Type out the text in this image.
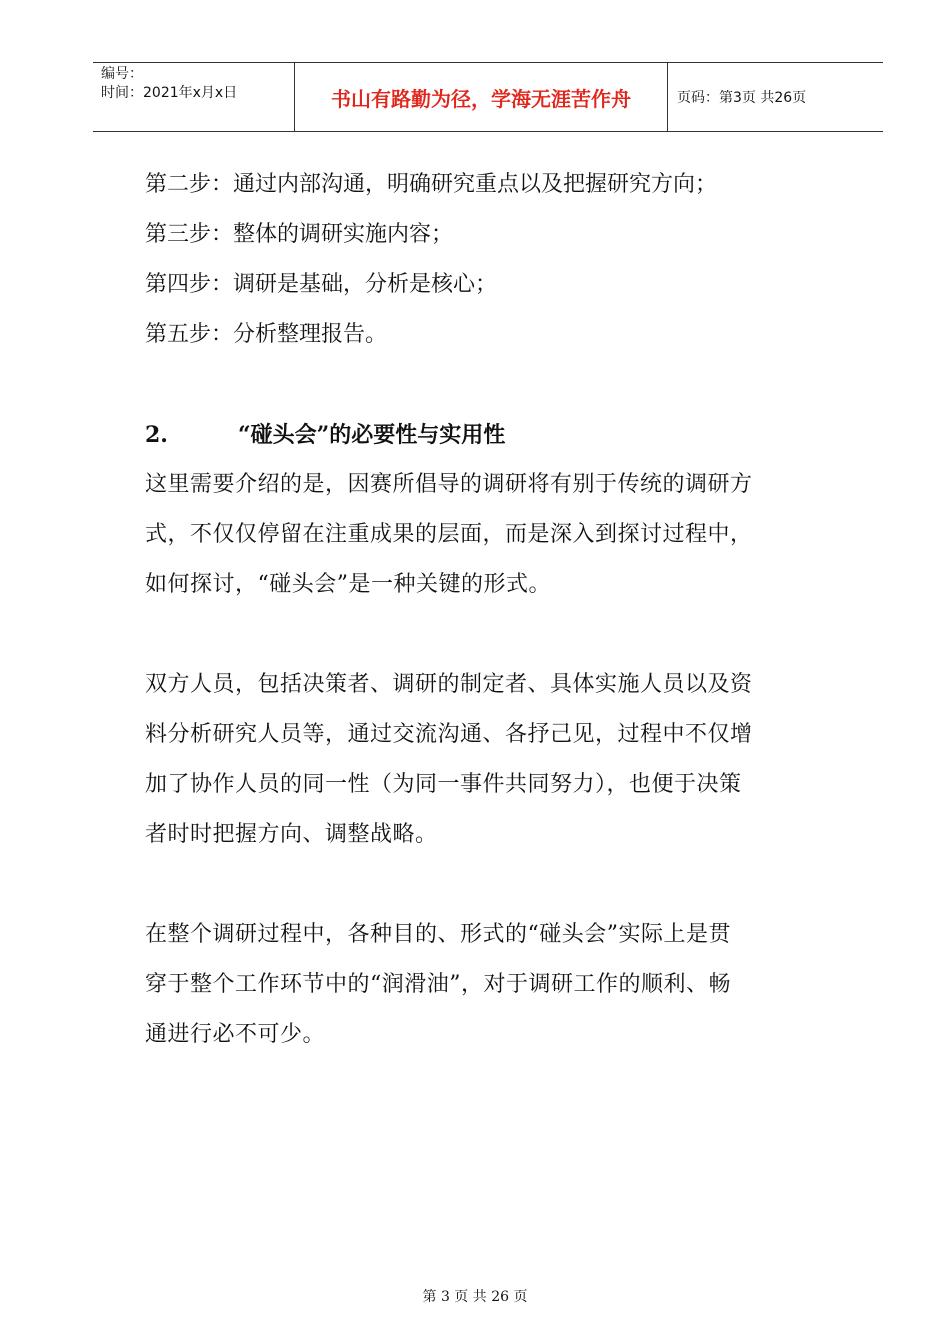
编号：
时间：2021年x月x日	书山有路勤为径，学海无涯苦作舟	页码：第3页 共26页
第二步：通过内部沟通，明确研究重点以及把握研究方向；
第三步：整体的调研实施内容；
第四步：调研是基础，分析是核心；
第五步：分析整理报告。
2.	“碰头会”的必要性与实用性
这里需要介绍的是，因赛所倡导的调研将有别于传统的调研方
式，不仅仅停留在注重成果的层面，而是深入到探讨过程中，
如何探讨，“碰头会”是一种关键的形式。
双方人员，包括决策者、调研的制定者、具体实施人员以及资
料分析研究人员等，通过交流沟通、各抒己见，过程中不仅增
加了协作人员的同一性（为同一事件共同努力），也便于决策
者时时把握方向、调整战略。
在整个调研过程中，各种目的、形式的“碰头会”实际上是贯
穿于整个工作环节中的“润滑油”，对于调研工作的顺利、畅
通进行必不可少。
第 3 页 共 26 页
